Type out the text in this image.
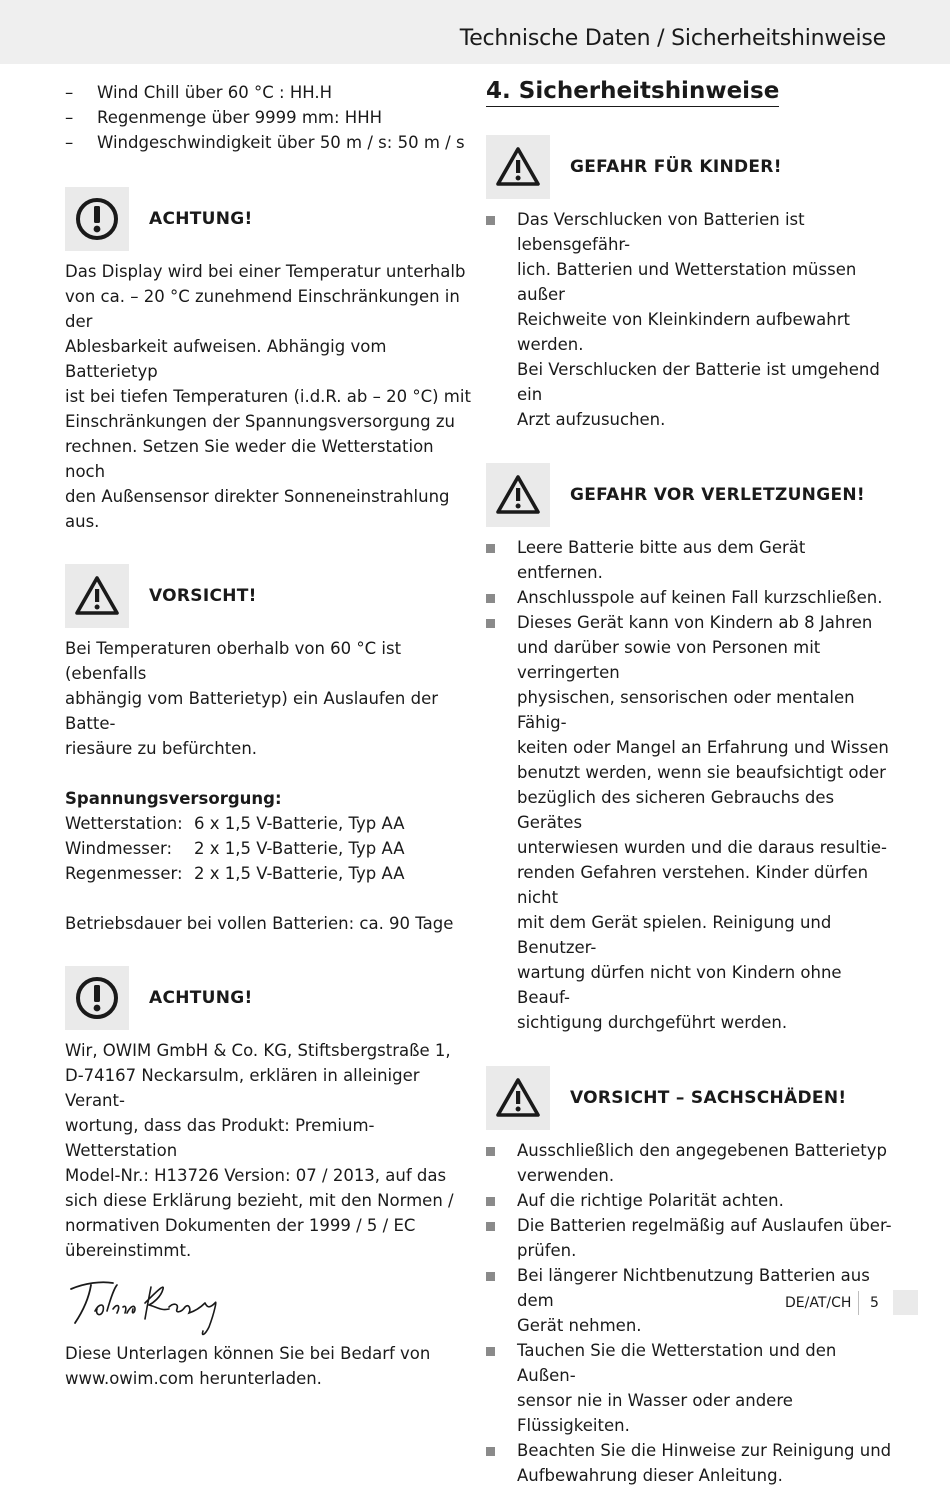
Technische Daten / Sicherheitshinweise
– Wind Chill über 60 °C : HH.H
– Regenmenge über 9999 mm: HHH
– Windgeschwindigkeit über 50 m / s: 50 m / s
ACHTUNG!

Das Display wird bei einer Temperatur unterhalb
von ca. – 20 °C zunehmend Einschränkungen in der
Ablesbarkeit aufweisen. Abhängig vom Batterietyp
ist bei tiefen Temperaturen (i.d.R. ab – 20 °C) mit
Einschränkungen der Spannungsversorgung zu
rechnen. Setzen Sie weder die Wetterstation noch
den Außensensor direkter Sonneneinstrahlung aus.

VORSICHT!

Bei Temperaturen oberhalb von 60 °C ist (ebenfalls
abhängig vom Batterietyp) ein Auslaufen der Batte-
riesäure zu befürchten.

Spannungsversorgung:
Wetterstation: 6 x 1,5 V-Batterie, Typ AA
Windmesser:	2 x 1,5 V-Batterie, Typ AA
Regenmesser: 2 x 1,5 V-Batterie, Typ AA
Betriebsdauer bei vollen Batterien: ca. 90 Tage
ACHTUNG!

Wir, OWIM GmbH & Co. KG, Stiftsbergstraße 1,
D-74167 Neckarsulm, erklären in alleiniger Verant-
wortung, dass das Produkt: Premium-Wetterstation
Model-Nr.: H13726 Version: 07 / 2013, auf das
sich diese Erklärung bezieht, mit den Normen /
normativen Dokumenten der 1999 / 5 / EC
übereinstimmt.

Diese Unterlagen können Sie bei Bedarf von
www.owim.com herunterladen.

4. Sicherheitshinweise
GEFAHR FÜR KINDER!
Das Verschlucken von Batterien ist lebensgefähr-
lich. Batterien und Wetterstation müssen außer
Reichweite von Kleinkindern aufbewahrt werden.
Bei Verschlucken der Batterie ist umgehend ein
Arzt aufzusuchen.
GEFAHR VOR VERLETZUNGEN!
Leere Batterie bitte aus dem Gerät entfernen.
Anschlusspole auf keinen Fall kurzschließen.
Dieses Gerät kann von Kindern ab 8 Jahren
und darüber sowie von Personen mit verringerten
physischen, sensorischen oder mentalen Fähig-
keiten oder Mangel an Erfahrung und Wissen
benutzt werden, wenn sie beaufsichtigt oder
bezüglich des sicheren Gebrauchs des Gerätes
unterwiesen wurden und die daraus resultie-
renden Gefahren verstehen. Kinder dürfen nicht
mit dem Gerät spielen. Reinigung und Benutzer-
wartung dürfen nicht von Kindern ohne Beauf-
sichtigung durchgeführt werden.
VORSICHT – SACHSCHÄDEN!
Ausschließlich den angegebenen Batterietyp
verwenden.
Auf die richtige Polarität achten.
Die Batterien regelmäßig auf Auslaufen über-
prüfen.
Bei längerer Nichtbenutzung Batterien aus dem
Gerät nehmen.
Tauchen Sie die Wetterstation und den Außen-
sensor nie in Wasser oder andere Flüssigkeiten.
Beachten Sie die Hinweise zur Reinigung und
Aufbewahrung dieser Anleitung.
DE/AT/CH 5
